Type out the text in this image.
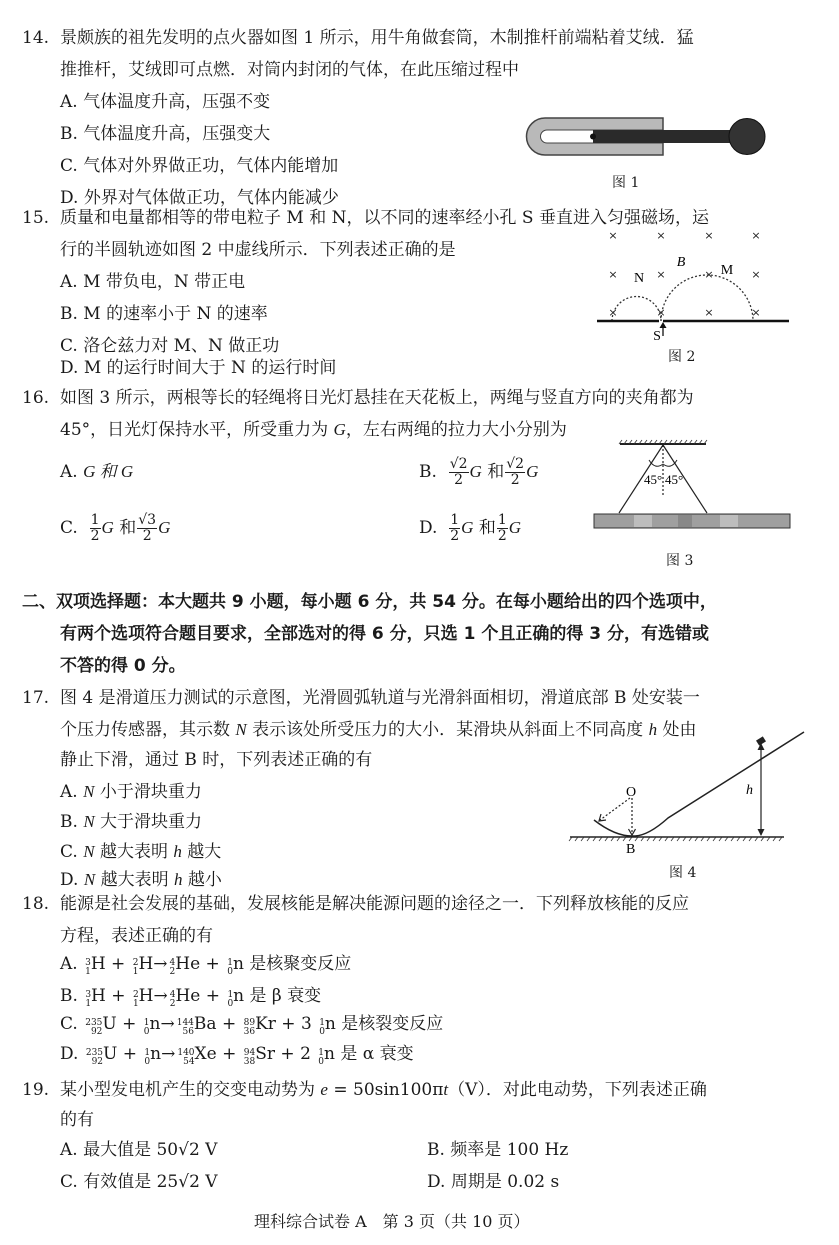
14. 景颇族的祖先发明的点火器如图 1 所示，用牛角做套筒，木制推杆前端粘着艾绒．猛
推推杆，艾绒即可点燃．对筒内封闭的气体，在此压缩过程中
A. 气体温度升高，压强不变
B. 气体温度升高，压强变大
C. 气体对外界做正功，气体内能增加
D. 外界对气体做正功，气体内能减少
图 1
15. 质量和电量都相等的带电粒子 M 和 N，以不同的速率经小孔 S 垂直进入匀强磁场，运
行的半圆轨迹如图 2 中虚线所示．下列表述正确的是
A. M 带负电，N 带正电
B. M 的速率小于 N 的速率
C. 洛仑兹力对 M、N 做正功
D. M 的运行时间大于 N 的运行时间
×	×	×	×
×	×	×	×
×	×	×	×
N
M
B
S
图 2
16. 如图 3 所示，两根等长的轻绳将日光灯悬挂在天花板上，两绳与竖直方向的夹角都为
45°，日光灯保持水平，所受重力为 G，左右两绳的拉力大小分别为
A. G 和 G	B. $\frac{√2}{2}$ G 和 $\frac{√2}{2}$ G
C. $\frac{1}{2}$ G 和 $\frac{√3}{2}$ G	D. $\frac{1}{2}$ G 和 $\frac{1}{2}$ G
45° 45°
图 3
二、双项选择题：本大题共 9 小题，每小题 6 分，共 54 分。在每小题给出的四个选项中，
有两个选项符合题目要求，全部选对的得 6 分，只选 1 个且正确的得 3 分，有选错或
不答的得 0 分。
17. 图 4 是滑道压力测试的示意图，光滑圆弧轨道与光滑斜面相切，滑道底部 B 处安装一
个压力传感器，其示数 N 表示该处所受压力的大小．某滑块从斜面上不同高度 h 处由
静止下滑，通过 B 时，下列表述正确的有
A. N 小于滑块重力
B. N 大于滑块重力
C. N 越大表明 h 越大
D. N 越大表明 h 越小
O
B
h
图 4
18. 能源是社会发展的基础，发展核能是解决能源问题的途径之一．下列释放核能的反应
方程，表述正确的有
A. 3
1 H + 2
1 H→ 4
2 He + 1
0 n 是核聚变反应
B. 3
1 H + 2
1 H→ 4
2 He + 1
0 n 是 β 衰变
C. 235
92 U + 1
0 n→ 144
56 Ba + 89
36 Kr + 3 1
0 n 是核裂变反应
D. 235
92 U + 1
0 n→ 140
54 Xe + 94
38 Sr + 2 1
0 n 是 α 衰变
19. 某小型发电机产生的交变电动势为 e = 50sin100πt（V）．对此电动势，下列表述正确
的有
A. 最大值是 50√2 V	B. 频率是 100 Hz
C. 有效值是 25√2 V	D. 周期是 0.02 s
理科综合试卷 A　第 3 页（共 10 页）
